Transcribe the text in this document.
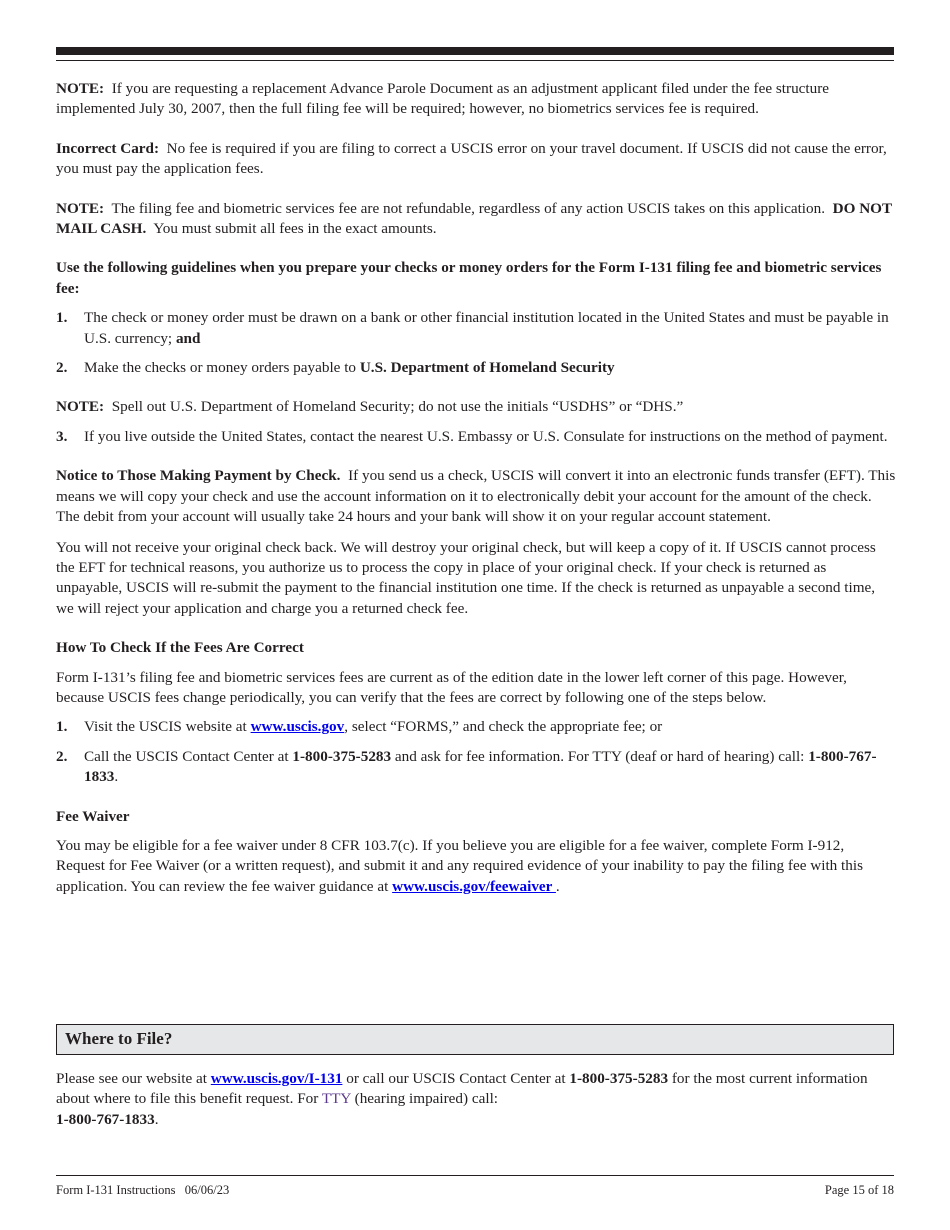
NOTE: If you are requesting a replacement Advance Parole Document as an adjustment applicant filed under the fee structure implemented July 30, 2007, then the full filing fee will be required; however, no biometrics services fee is required.

Incorrect Card: No fee is required if you are filing to correct a USCIS error on your travel document. If USCIS did not cause the error, you must pay the application fees.

NOTE: The filing fee and biometric services fee are not refundable, regardless of any action USCIS takes on this application. DO NOT MAIL CASH. You must submit all fees in the exact amounts.

Use the following guidelines when you prepare your checks or money orders for the Form I-131 filing fee and biometric services fee:

1.	The check or money order must be drawn on a bank or other financial institution located in the United States and must be payable in U.S. currency; and
2.	Make the checks or money orders payable to U.S. Department of Homeland Security

NOTE: Spell out U.S. Department of Homeland Security; do not use the initials “USDHS” or “DHS.”

3.	If you live outside the United States, contact the nearest U.S. Embassy or U.S. Consulate for instructions on the method of payment.

Notice to Those Making Payment by Check. If you send us a check, USCIS will convert it into an electronic funds transfer (EFT). This means we will copy your check and use the account information on it to electronically debit your account for the amount of the check. The debit from your account will usually take 24 hours and your bank will show it on your regular account statement.

You will not receive your original check back. We will destroy your original check, but will keep a copy of it. If USCIS cannot process the EFT for technical reasons, you authorize us to process the copy in place of your original check. If your check is returned as unpayable, USCIS will re-submit the payment to the financial institution one time. If the check is returned as unpayable a second time, we will reject your application and charge you a returned check fee.

How To Check If the Fees Are Correct

Form I-131’s filing fee and biometric services fees are current as of the edition date in the lower left corner of this page. However, because USCIS fees change periodically, you can verify that the fees are correct by following one of the steps below.

1.	Visit the USCIS website at www.uscis.gov, select “FORMS,” and check the appropriate fee; or
2.	Call the USCIS Contact Center at 1-800-375-5283 and ask for fee information. For TTY (deaf or hard of hearing) call: 1-800-767-1833.

Fee Waiver

You may be eligible for a fee waiver under 8 CFR 103.7(c). If you believe you are eligible for a fee waiver, complete Form I-912, Request for Fee Waiver (or a written request), and submit it and any required evidence of your inability to pay the filing fee with this application. You can review the fee waiver guidance at www.uscis.gov/feewaiver .

Where to File?

Please see our website at www.uscis.gov/I-131 or call our USCIS Contact Center at 1-800-375-5283 for the most current information about where to file this benefit request. For TTY (hearing impaired) call:
1-800-767-1833.

Form I-131 Instructions   06/06/23	Page 15 of 18
